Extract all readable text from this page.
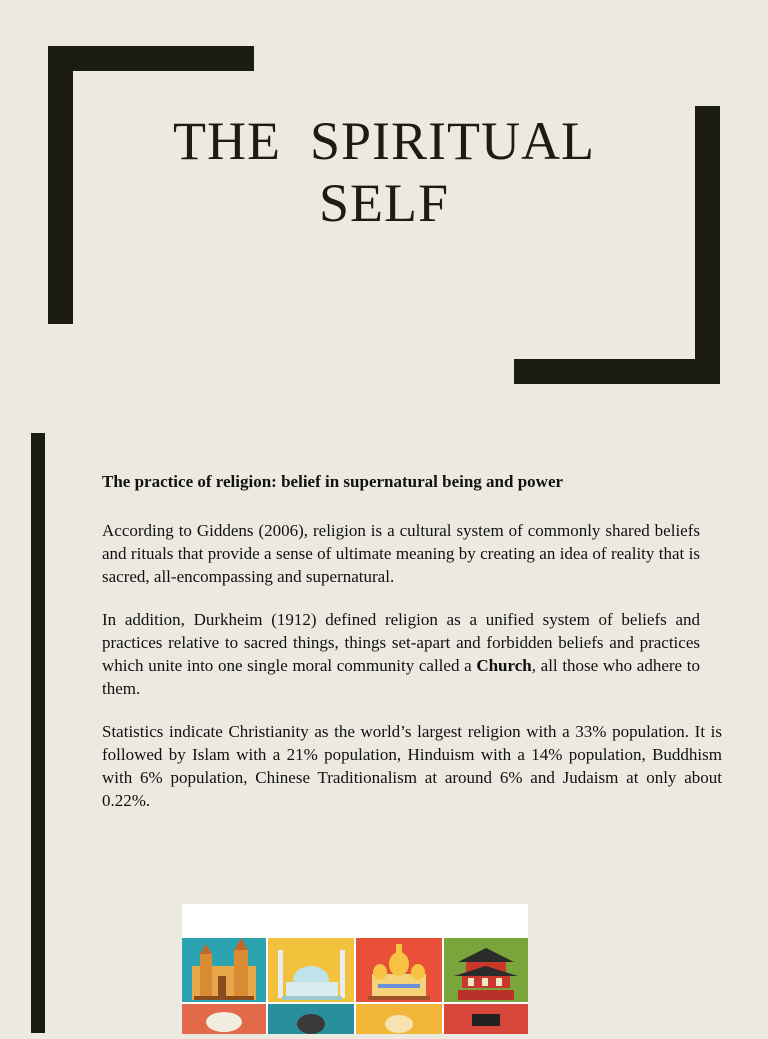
THE  SPIRITUAL
SELF

The practice of religion: belief in supernatural being and power

According to Giddens (2006), religion is a cultural system of commonly shared beliefs and rituals that provide a sense of ultimate meaning by creating an idea of reality that is sacred, all-encompassing and supernatural.

In addition, Durkheim (1912) defined religion as a unified system of beliefs and practices relative to sacred things, things set-apart and forbidden beliefs and practices which unite into one single moral community called a Church, all those who adhere to them.

Statistics indicate Christianity as the world’s largest religion with a 33% population. It is followed by Islam with a 21% population, Hinduism with a 14% population, Buddhism with 6% population, Chinese Traditionalism at around 6% and Judaism at only about 0.22%.
